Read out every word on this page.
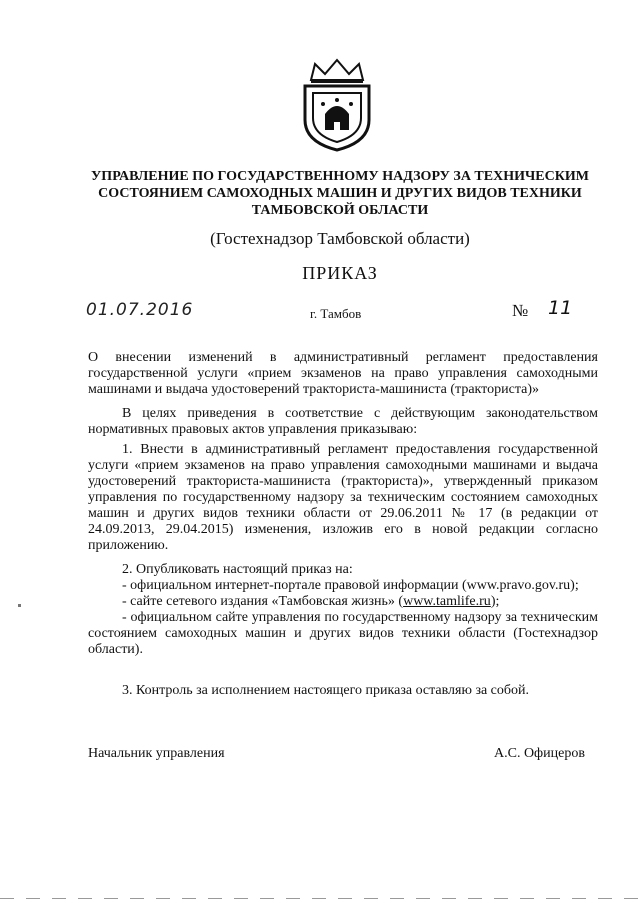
УПРАВЛЕНИЕ ПО ГОСУДАРСТВЕННОМУ НАДЗОРУ ЗА ТЕХНИЧЕСКИМ
СОСТОЯНИЕМ САМОХОДНЫХ МАШИН И ДРУГИХ ВИДОВ ТЕХНИКИ
ТАМБОВСКОЙ ОБЛАСТИ
(Гостехнадзор Тамбовской области)
ПРИКАЗ
01.07.2016	г. Тамбов	№ 11
О внесении изменений в административный регламент предоставления государственной услуги «прием экзаменов на право управления самоходными машинами и выдача удостоверений тракториста-машиниста (тракториста)»
В целях приведения в соответствие с действующим законодательством нормативных правовых актов управления приказываю:
1. Внести в административный регламент предоставления государственной услуги «прием экзаменов на право управления самоходными машинами и выдача удостоверений тракториста-машиниста (тракториста)», утвержденный приказом управления по государственному надзору за техническим состоянием самоходных машин и других видов техники области от 29.06.2011 № 17 (в редакции от 24.09.2013, 29.04.2015) изменения, изложив его в новой редакции согласно приложению.

2. Опубликовать настоящий приказ на:

- официальном интернет-портале правовой информации (www.pravo.gov.ru);

- сайте сетевого издания «Тамбовская жизнь» (www.tamlife.ru);

- официальном сайте управления по государственному надзору за техническим состоянием самоходных машин и других видов техники области (Гостехнадзор области).

3. Контроль за исполнением настоящего приказа оставляю за собой.
Начальник управления	А.С. Офицеров
